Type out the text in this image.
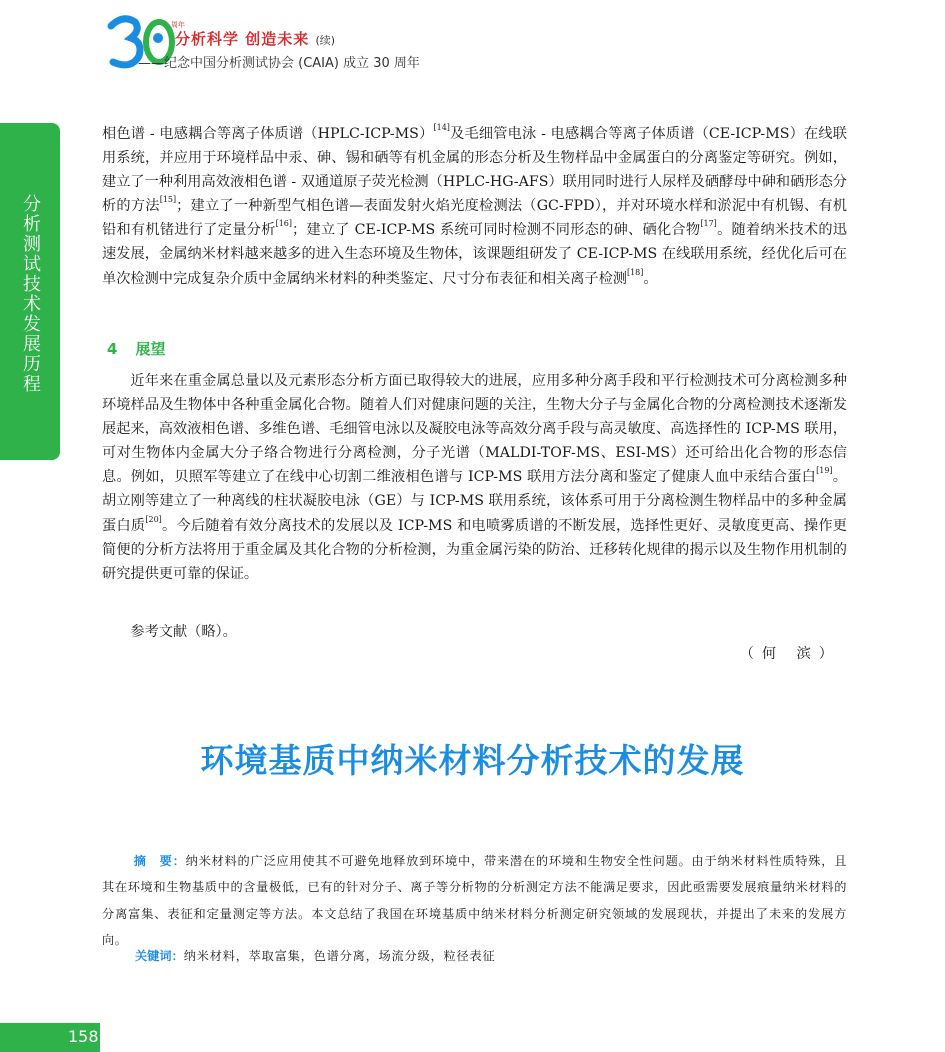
周年
分析科学 创造未来 (续)
——纪念中国分析测试协会 (CAIA) 成立 30 周年
分析测试技术发展历程

相色谱 - 电感耦合等离子体质谱（HPLC-ICP-MS）[14]及毛细管电泳 - 电感耦合等离子体质谱（CE-ICP-MS）在线联用系统，并应用于环境样品中汞、砷、锡和硒等有机金属的形态分析及生物样品中金属蛋白的分离鉴定等研究。例如，建立了一种利用高效液相色谱 - 双通道原子荧光检测（HPLC-HG-AFS）联用同时进行人尿样及硒酵母中砷和硒形态分析的方法[15]；建立了一种新型气相色谱—表面发射火焰光度检测法（GC-FPD），并对环境水样和淤泥中有机锡、有机铅和有机锗进行了定量分析[16]；建立了 CE-ICP-MS 系统可同时检测不同形态的砷、硒化合物[17]。随着纳米技术的迅速发展，金属纳米材料越来越多的进入生态环境及生物体，该课题组研发了 CE-ICP-MS 在线联用系统，经优化后可在单次检测中完成复杂介质中金属纳米材料的种类鉴定、尺寸分布表征和相关离子检测[18]。

4 展望

近年来在重金属总量以及元素形态分析方面已取得较大的进展，应用多种分离手段和平行检测技术可分离检测多种环境样品及生物体中各种重金属化合物。随着人们对健康问题的关注，生物大分子与金属化合物的分离检测技术逐渐发展起来，高效液相色谱、多维色谱、毛细管电泳以及凝胶电泳等高效分离手段与高灵敏度、高选择性的 ICP-MS 联用，可对生物体内金属大分子络合物进行分离检测，分子光谱（MALDI-TOF-MS、ESI-MS）还可给出化合物的形态信息。例如，贝照军等建立了在线中心切割二维液相色谱与 ICP-MS 联用方法分离和鉴定了健康人血中汞结合蛋白[19]。胡立刚等建立了一种离线的柱状凝胶电泳（GE）与 ICP-MS 联用系统，该体系可用于分离检测生物样品中的多种金属蛋白质[20]。今后随着有效分离技术的发展以及 ICP-MS 和电喷雾质谱的不断发展，选择性更好、灵敏度更高、操作更简便的分析方法将用于重金属及其化合物的分析检测，为重金属污染的防治、迁移转化规律的揭示以及生物作用机制的研究提供更可靠的保证。

参考文献（略）。

（何 滨）
环境基质中纳米材料分析技术的发展

摘　要：纳米材料的广泛应用使其不可避免地释放到环境中，带来潜在的环境和生物安全性问题。由于纳米材料性质特殊，且其在环境和生物基质中的含量极低，已有的针对分子、离子等分析物的分析测定方法不能满足要求，因此亟需要发展痕量纳米材料的分离富集、表征和定量测定等方法。本文总结了我国在环境基质中纳米材料分析测定研究领域的发展现状，并提出了未来的发展方向。

关键词：纳米材料，萃取富集，色谱分离，场流分级，粒径表征
158
